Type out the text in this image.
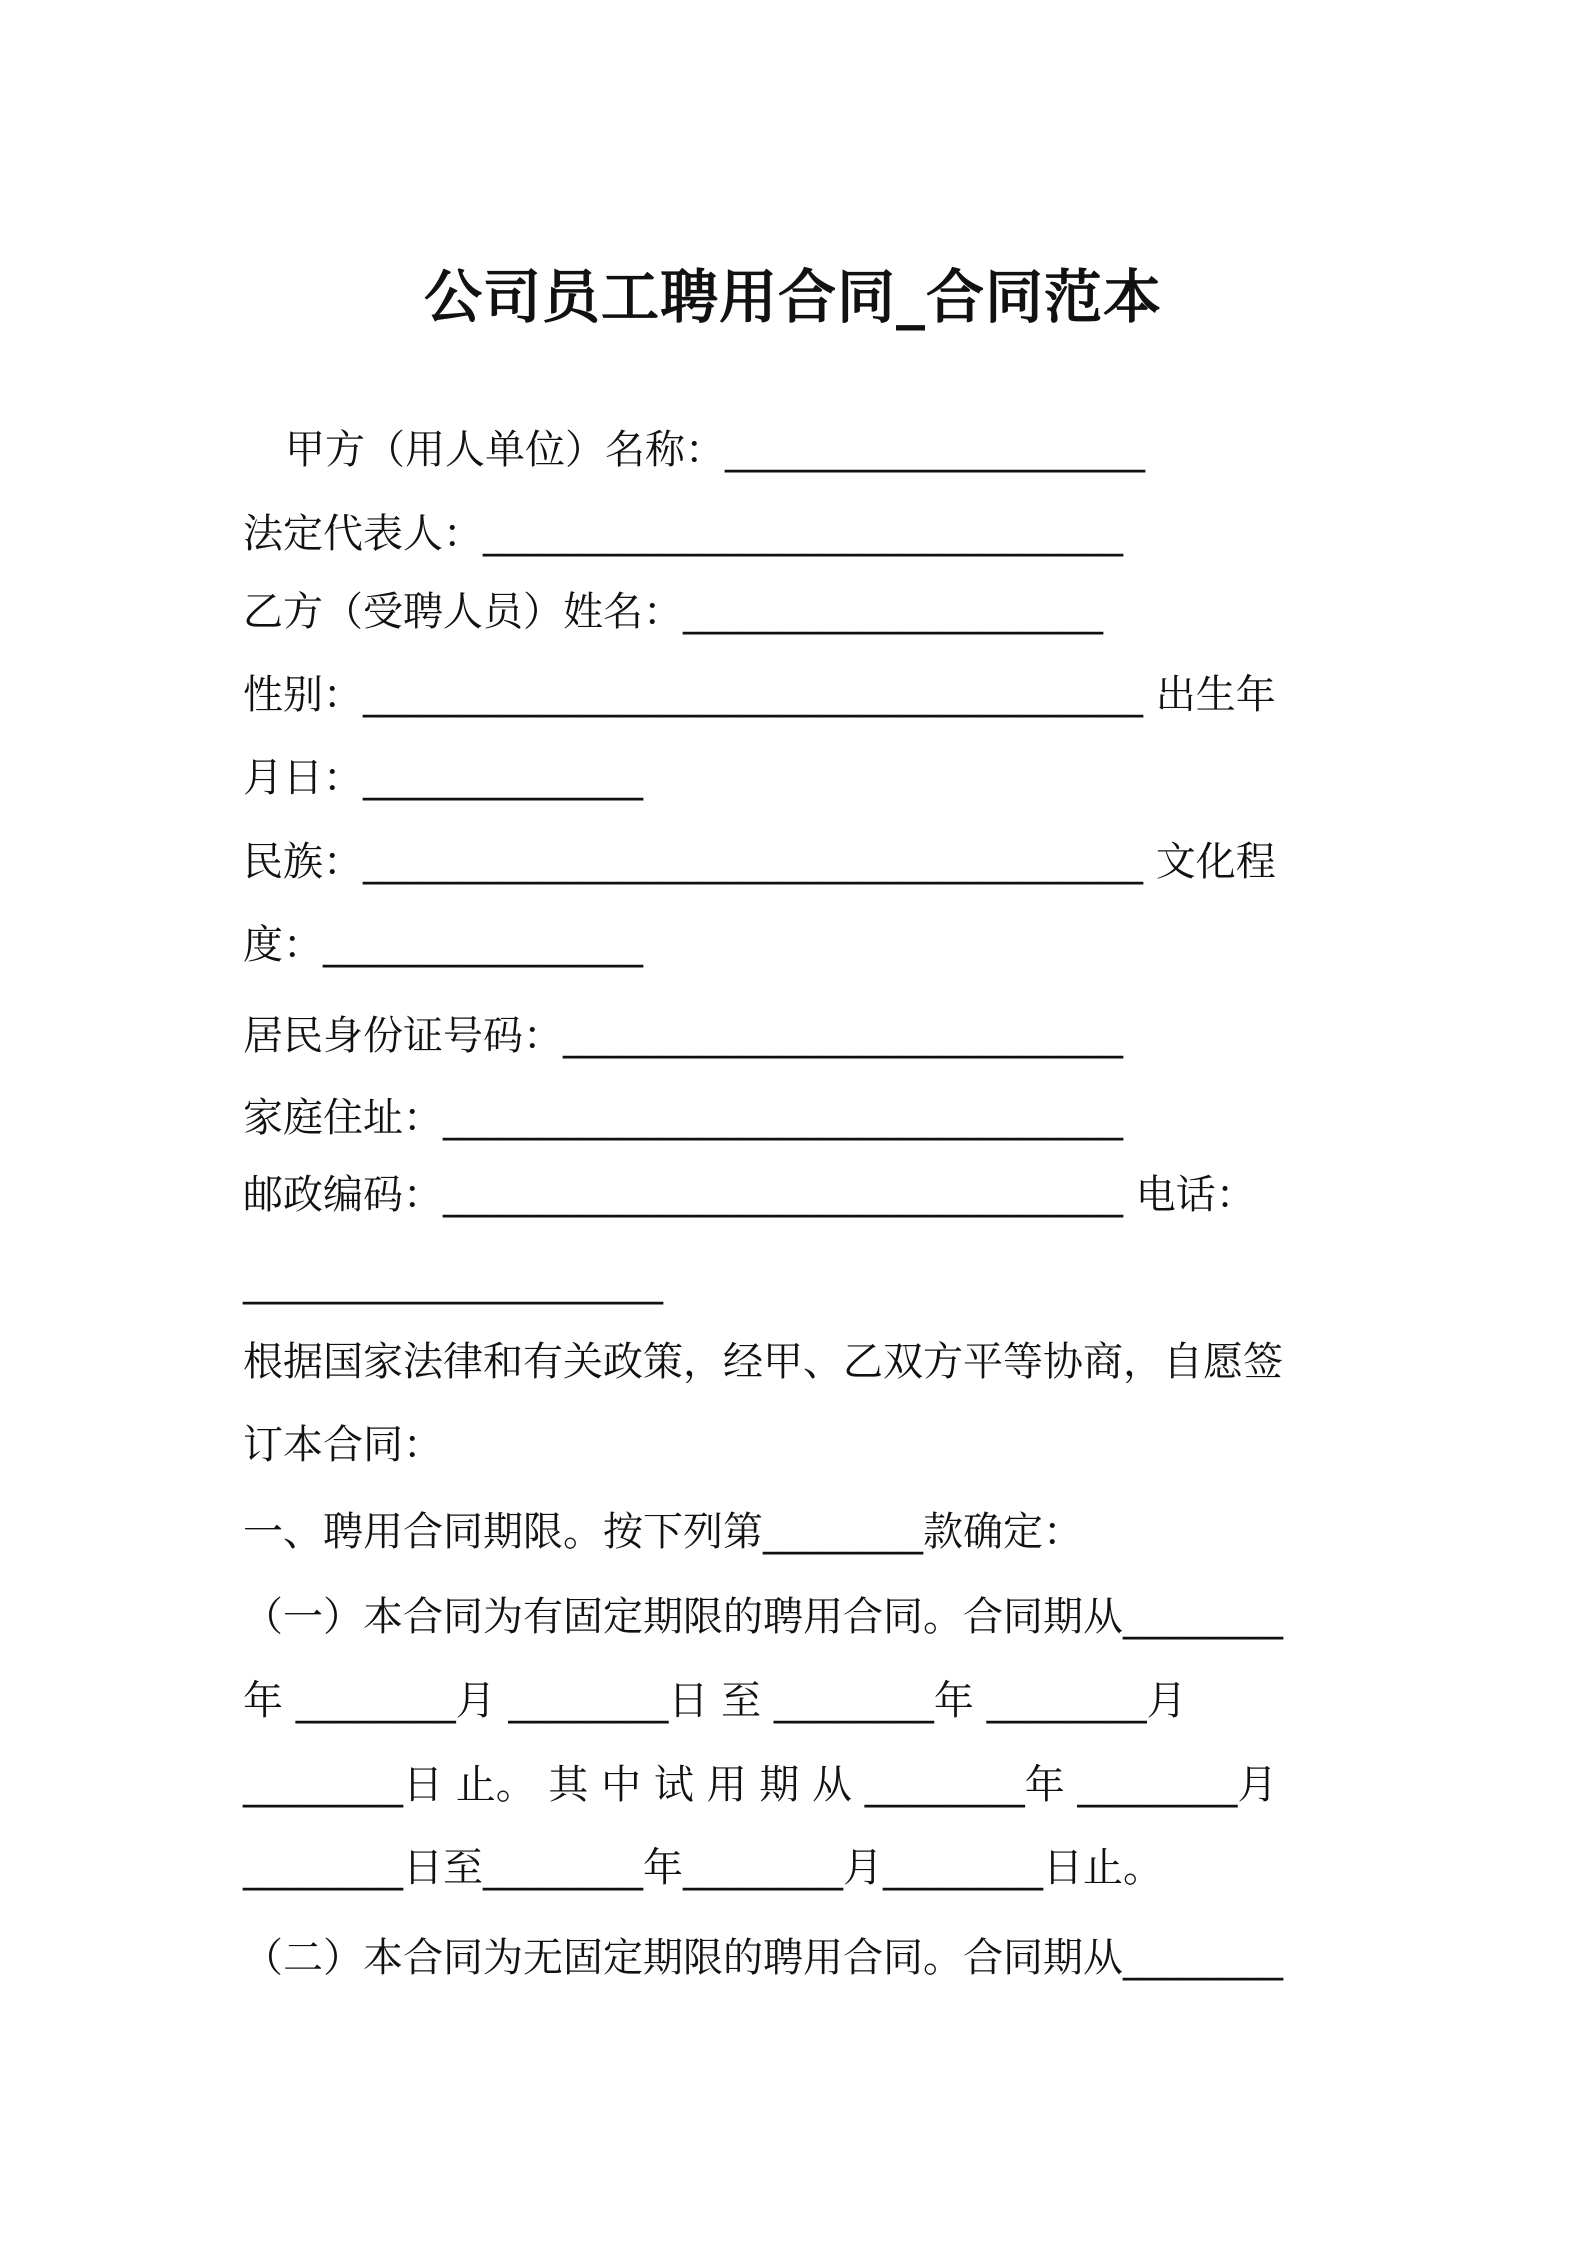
公司员工聘用合同_合同范本
甲方（用人单位）名称：_____________________
法定代表人：________________________________
乙方（受聘人员）姓名：_____________________
性别：_______________________________________ 出生年
月日：______________
民族：_______________________________________ 文化程
度：________________
居民身份证号码：____________________________
家庭住址：__________________________________
邮政编码：__________________________________ 电话：
_____________________
根据国家法律和有关政策，经甲、乙双方平等协商，自愿签
订本合同：
一、聘用合同期限。按下列第________款确定：
（一）本合同为有固定期限的聘用合同。合同期从________
年 ________月 ________日 至 ________年 ________月
________日 止。 其 中 试 用 期 从 ________年 ________月
________日至________年________月________日止。
（二）本合同为无固定期限的聘用合同。合同期从________
